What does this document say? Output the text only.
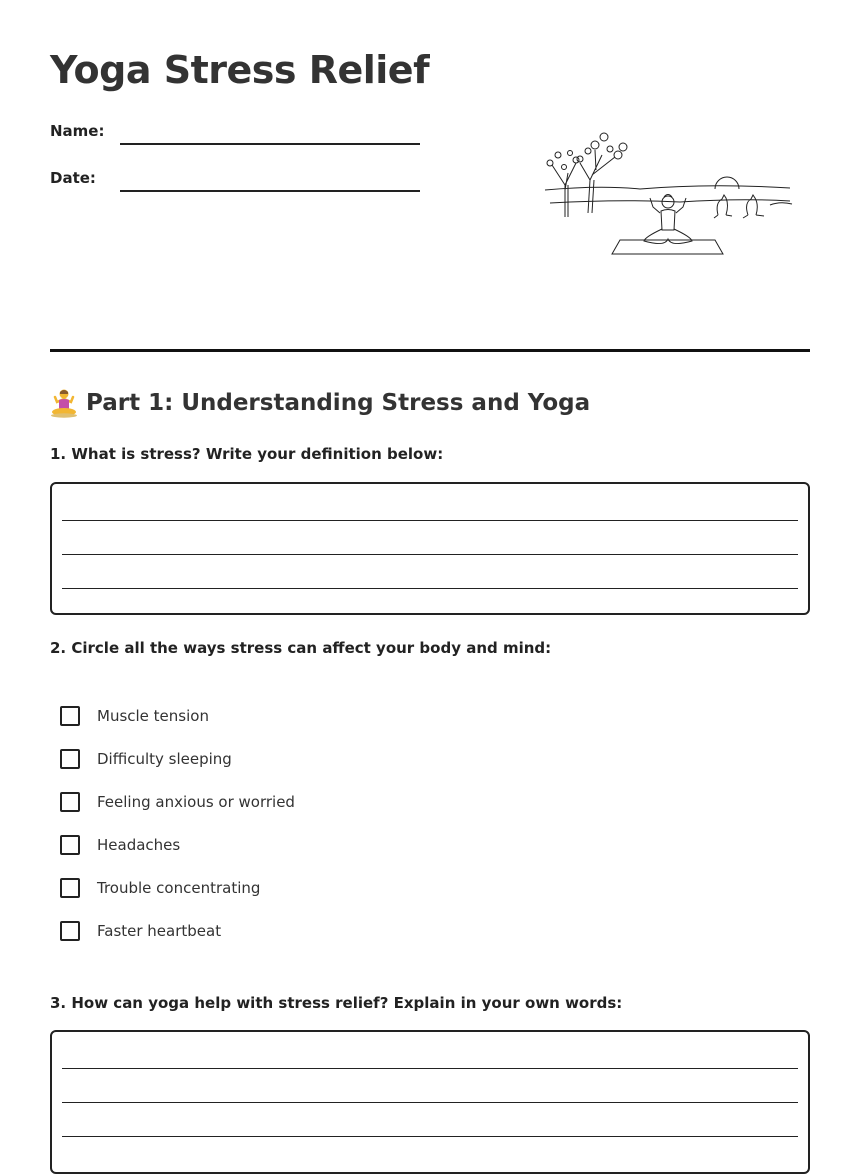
Yoga Stress Relief
Name:
Date:
Part 1: Understanding Stress and Yoga

1. What is stress? Write your definition below:

2. Circle all the ways stress can affect your body and mind:

Muscle tension
Difficulty sleeping
Feeling anxious or worried
Headaches
Trouble concentrating
Faster heartbeat

3. How can yoga help with stress relief? Explain in your own words:
